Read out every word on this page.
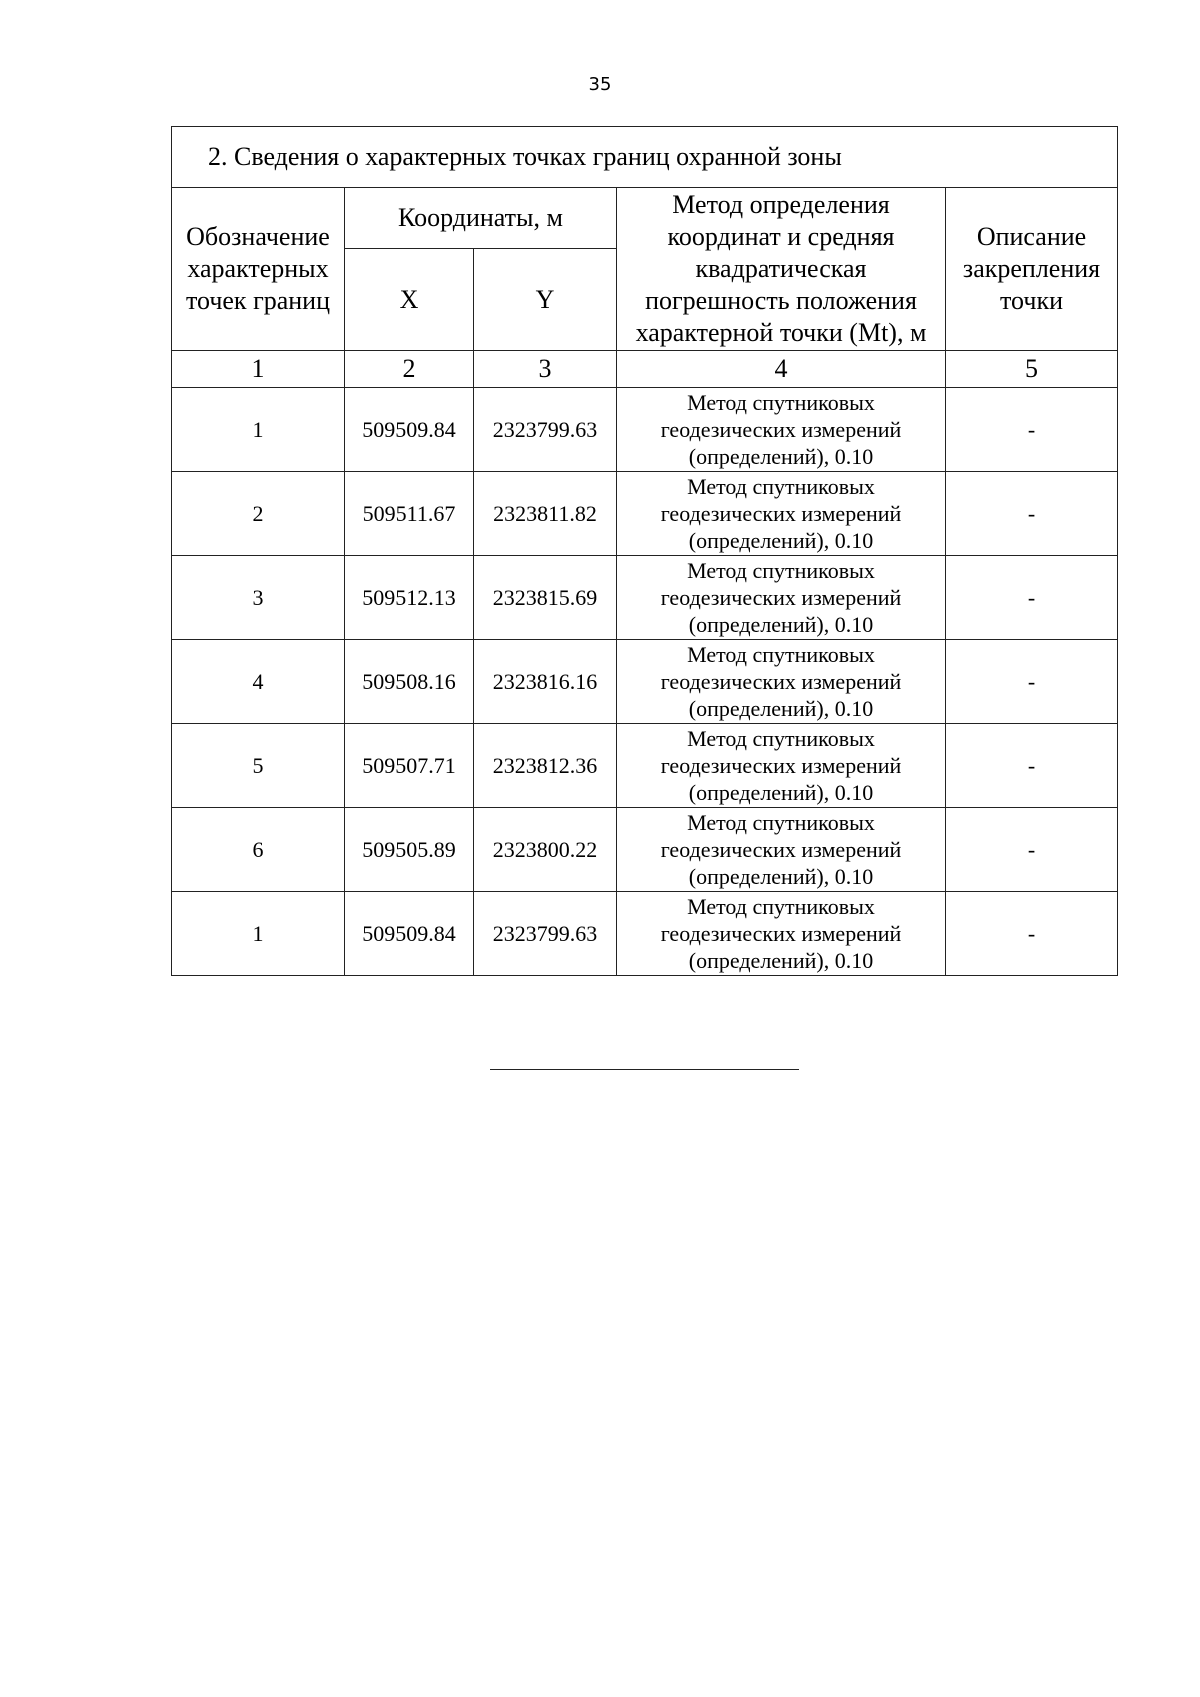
35
2. Сведения о характерных точках границ охранной зоны				

Обозначение
характерных
точек границ	Координаты, м		Метод определения
координат и средняя
квадратическая
погрешность положения
характерной точки (Mt), м	Описание
закрепления
точки

	X	Y		
1	2	3	4	5
1	509509.84	2323799.63	Метод спутниковых
геодезических измерений
(определений), 0.10	-
2	509511.67	2323811.82	Метод спутниковых
геодезических измерений
(определений), 0.10	-
3	509512.13	2323815.69	Метод спутниковых
геодезических измерений
(определений), 0.10	-
4	509508.16	2323816.16	Метод спутниковых
геодезических измерений
(определений), 0.10	-
5	509507.71	2323812.36	Метод спутниковых
геодезических измерений
(определений), 0.10	-
6	509505.89	2323800.22	Метод спутниковых
геодезических измерений
(определений), 0.10	-
1	509509.84	2323799.63	Метод спутниковых
геодезических измерений
(определений), 0.10	-
